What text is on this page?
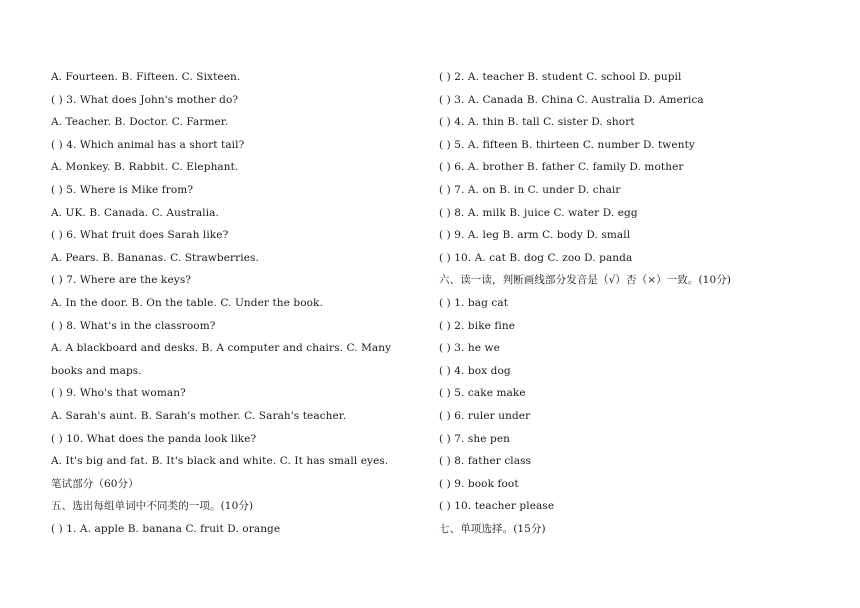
A. Fourteen. B. Fifteen. C. Sixteen.
( ) 3. What does John's mother do?
A. Teacher. B. Doctor. C. Farmer.
( ) 4. Which animal has a short tail?
A. Monkey. B. Rabbit. C. Elephant.
( ) 5. Where is Mike from?
A. UK. B. Canada. C. Australia.
( ) 6. What fruit does Sarah like?
A. Pears. B. Bananas. C. Strawberries.
( ) 7. Where are the keys?
A. In the door. B. On the table. C. Under the book.
( ) 8. What's in the classroom?
A. A blackboard and desks. B. A computer and chairs. C. Many books and maps.
( ) 9. Who's that woman?
A. Sarah's aunt. B. Sarah's mother. C. Sarah's teacher.
( ) 10. What does the panda look like?
A. It's big and fat. B. It's black and white. C. It has small eyes.
笔试部分（60分）
五、选出每组单词中不同类的一项。(10分)
( ) 1. A. apple B. banana C. fruit D. orange
( ) 2. A. teacher B. student C. school D. pupil
( ) 3. A. Canada B. China C. Australia D. America
( ) 4. A. thin B. tall C. sister D. short
( ) 5. A. fifteen B. thirteen C. number D. twenty
( ) 6. A. brother B. father C. family D. mother
( ) 7. A. on B. in C. under D. chair
( ) 8. A. milk B. juice C. water D. egg
( ) 9. A. leg B. arm C. body D. small
( ) 10. A. cat B. dog C. zoo D. panda
六、读一读，判断画线部分发音是（√）否（×）一致。(10分)
( ) 1. bag cat
( ) 2. bike fine
( ) 3. he we
( ) 4. box dog
( ) 5. cake make
( ) 6. ruler under
( ) 7. she pen
( ) 8. father class
( ) 9. book foot
( ) 10. teacher please
七、单项选择。(15分)
